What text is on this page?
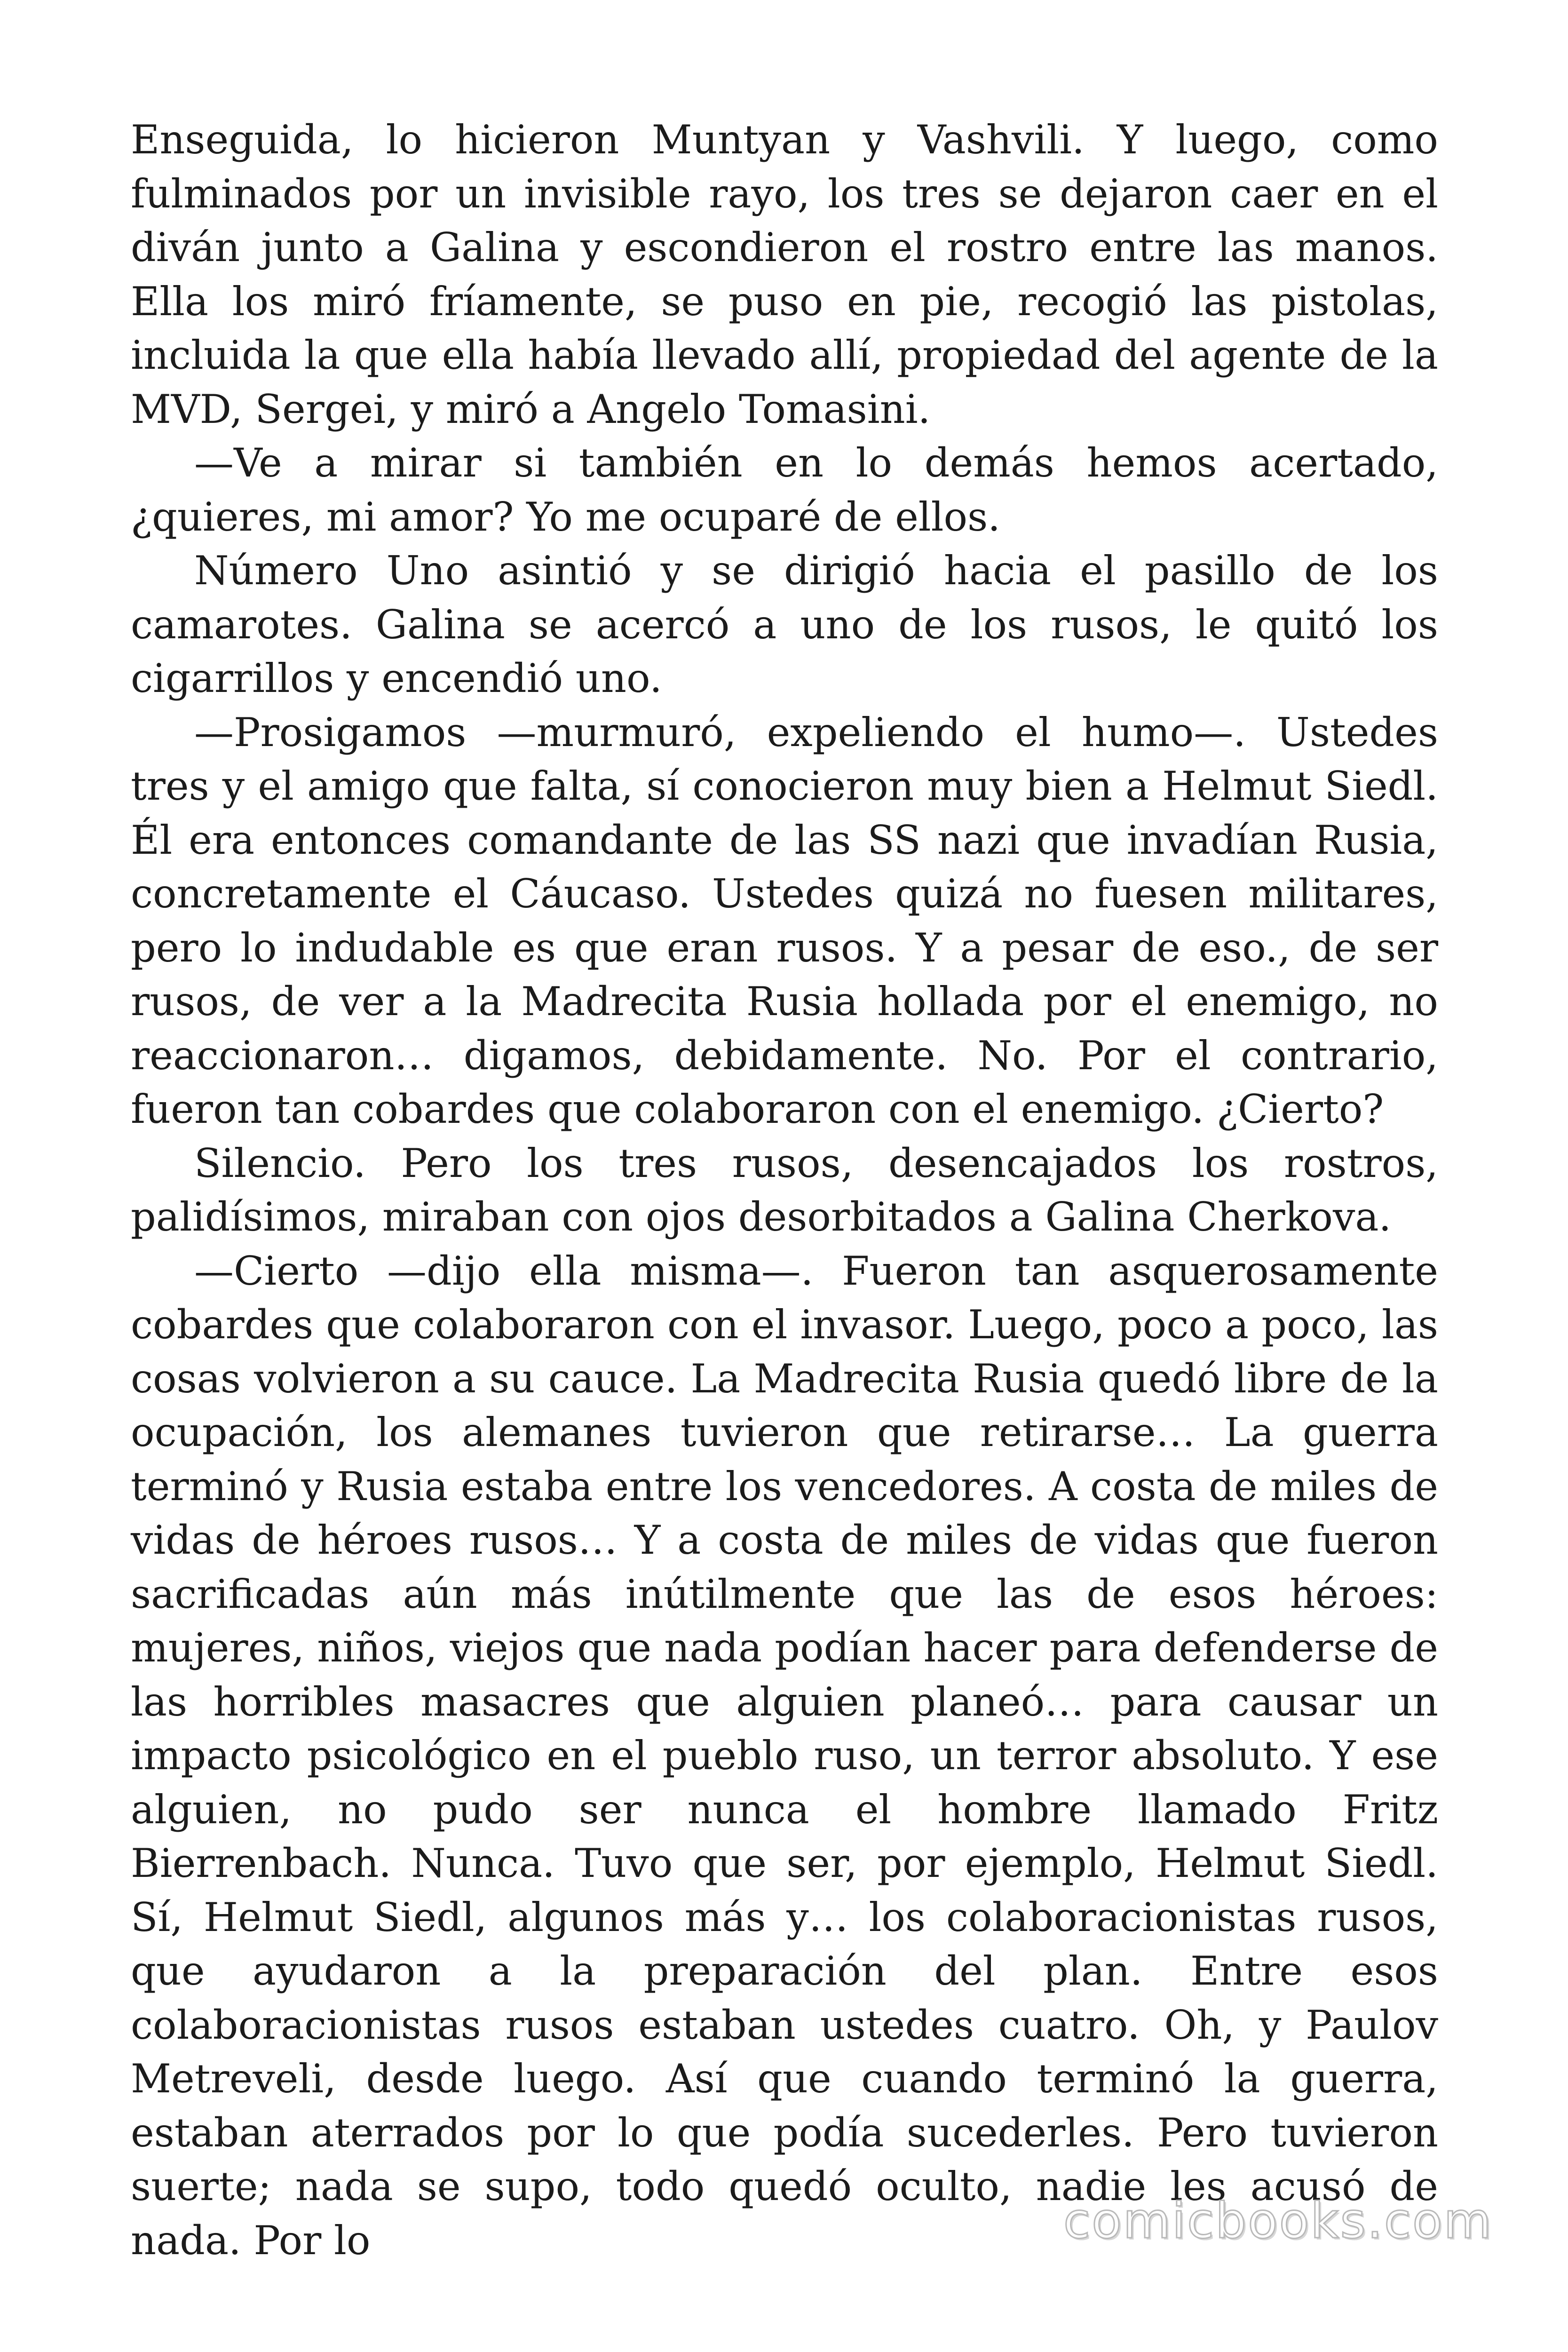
Enseguida, lo hicieron Muntyan y Vashvili. Y luego, como fulminados por un invisible rayo, los tres se dejaron caer en el diván junto a Galina y escondieron el rostro entre las manos. Ella los miró fríamente, se puso en pie, recogió las pistolas, incluida la que ella había llevado allí, propiedad del agente de la MVD, Sergei, y miró a Angelo Tomasini.

—Ve a mirar si también en lo demás hemos acertado, ¿quieres, mi amor? Yo me ocuparé de ellos.

Número Uno asintió y se dirigió hacia el pasillo de los camarotes. Galina se acercó a uno de los rusos, le quitó los cigarrillos y encendió uno.

—Prosigamos —murmuró, expeliendo el humo—. Ustedes tres y el amigo que falta, sí conocieron muy bien a Helmut Siedl. Él era entonces comandante de las SS nazi que invadían Rusia, concretamente el Cáucaso. Ustedes quizá no fuesen militares, pero lo indudable es que eran rusos. Y a pesar de eso., de ser rusos, de ver a la Madrecita Rusia hollada por el enemigo, no reaccionaron… digamos, debidamente. No. Por el contrario, fueron tan cobardes que colaboraron con el enemigo. ¿Cierto?

Silencio. Pero los tres rusos, desencajados los rostros, palidísimos, miraban con ojos desorbitados a Galina Cherkova.

—Cierto —dijo ella misma—. Fueron tan asquerosamente cobardes que colaboraron con el invasor. Luego, poco a poco, las cosas volvieron a su cauce. La Madrecita Rusia quedó libre de la ocupación, los alemanes tuvieron que retirarse… La guerra terminó y Rusia estaba entre los vencedores. A costa de miles de vidas de héroes rusos… Y a costa de miles de vidas que fueron sacrificadas aún más inútilmente que las de esos héroes: mujeres, niños, viejos que nada podían hacer para defenderse de las horribles masacres que alguien planeó… para causar un impacto psicológico en el pueblo ruso, un terror absoluto. Y ese alguien, no pudo ser nunca el hombre llamado Fritz Bierrenbach. Nunca. Tuvo que ser, por ejemplo, Helmut Siedl. Sí, Helmut Siedl, algunos más y… los colaboracionistas rusos, que ayudaron a la preparación del plan. Entre esos colaboracionistas rusos estaban ustedes cuatro. Oh, y Paulov Metreveli, desde luego. Así que cuando terminó la guerra, estaban aterrados por lo que podía sucederles. Pero tuvieron suerte; nada se supo, todo quedó oculto, nadie les acusó de nada. Por lo	comicbooks.com
